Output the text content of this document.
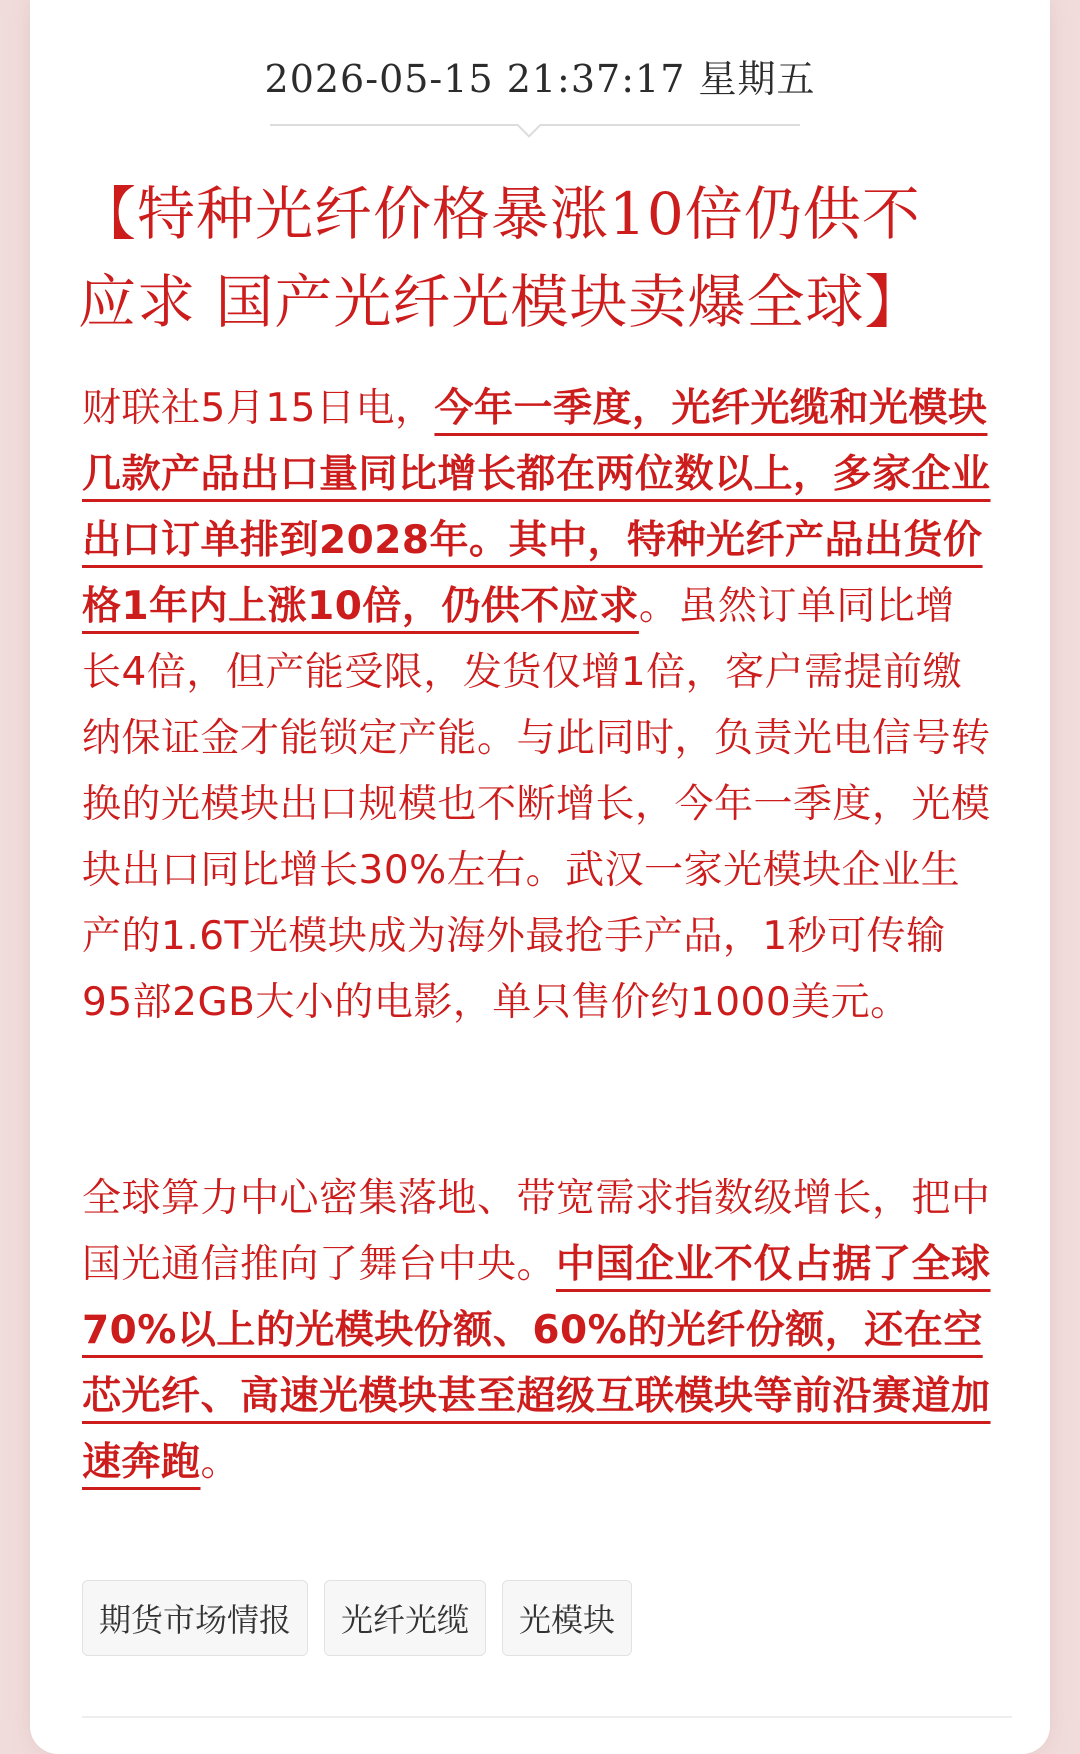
2026-05-15 21:37:17 星期五
【特种光纤价格暴涨10倍仍供不应求 国产光纤光模块卖爆全球】

财联社5月15日电，今年一季度，光纤光缆和光模块几款产品出口量同比增长都在两位数以上，多家企业出口订单排到2028年。其中，特种光纤产品出货价格1年内上涨10倍，仍供不应求。虽然订单同比增长4倍，但产能受限，发货仅增1倍，客户需提前缴纳保证金才能锁定产能。与此同时，负责光电信号转换的光模块出口规模也不断增长，今年一季度，光模块出口同比增长30%左右。武汉一家光模块企业生产的1.6T光模块成为海外最抢手产品，1秒可传输95部2GB大小的电影，单只售价约1000美元。

全球算力中心密集落地、带宽需求指数级增长，把中国光通信推向了舞台中央。中国企业不仅占据了全球70%以上的光模块份额、60%的光纤份额，还在空芯光纤、高速光模块甚至超级互联模块等前沿赛道加速奔跑。

期货市场情报	光纤光缆	光模块
